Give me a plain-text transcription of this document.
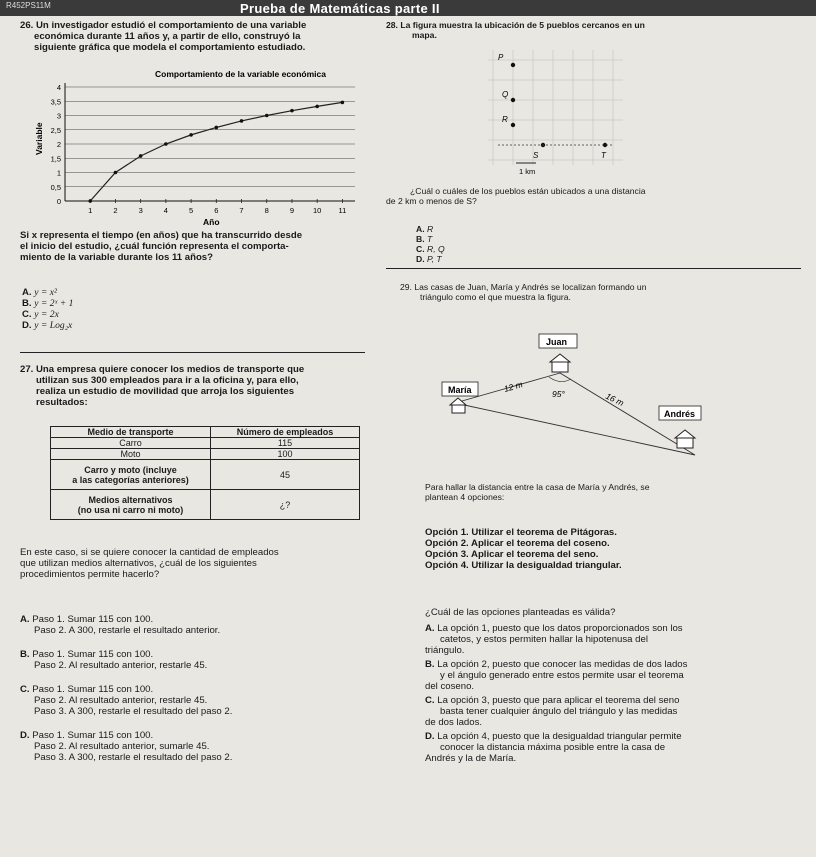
R452PS11M	Prueba de Matemáticas parte II
26. Un investigador estudió el comportamiento de una variable
económica durante 11 años y, a partir de ello, construyó la
siguiente gráfica que modela el comportamiento estudiado.
Comportamiento de la variable económica
0
0,5
1
1,5
2
2,5
3
3,5
4
1	2	3	4	5	6	7	8	9	10 11
Año
Variable
Si x representa el tiempo (en años) que ha transcurrido desde
el inicio del estudio, ¿cuál función representa el comporta-
miento de la variable durante los 11 años?
A. y = x²
B. y = 2ˣ + 1
C. y = 2x
D. y = Log₂x
27. Una empresa quiere conocer los medios de transporte que
utilizan sus 300 empleados para ir a la oficina y, para ello,
realiza un estudio de movilidad que arroja los siguientes
resultados:
Medio de transporte	Número de empleados
Carro	115
Moto	100

Carro y moto (incluye
a las categorías anteriores)	45

Medios alternativos
(no usa ni carro ni moto)	¿?
En este caso, si se quiere conocer la cantidad de empleados
que utilizan medios alternativos, ¿cuál de los siguientes
procedimientos permite hacerlo?
A. Paso 1. Sumar 115 con 100.
Paso 2. A 300, restarle el resultado anterior.
B. Paso 1. Sumar 115 con 100.
Paso 2. Al resultado anterior, restarle 45.
C. Paso 1. Sumar 115 con 100.
Paso 2. Al resultado anterior, restarle 45.
Paso 3. A 300, restarle el resultado del paso 2.
D. Paso 1. Sumar 115 con 100.
Paso 2. Al resultado anterior, sumarle 45.
Paso 3. A 300, restarle el resultado del paso 2.
28. La figura muestra la ubicación de 5 pueblos cercanos en un
mapa.
P
Q
R
S	T
1 km
¿Cuál o cuáles de los pueblos están ubicados a una distancia
de 2 km o menos de S?
A. R
B. T
C. R, Q
D. P, T
29. Las casas de Juan, María y Andrés se localizan formando un
triángulo como el que muestra la figura.
Juan
María
Andrés
12 m
16 m
95°
Para hallar la distancia entre la casa de María y Andrés, se
plantean 4 opciones:
Opción 1. Utilizar el teorema de Pitágoras.
Opción 2. Aplicar el teorema del coseno.
Opción 3. Aplicar el teorema del seno.
Opción 4. Utilizar la desigualdad triangular.
¿Cuál de las opciones planteadas es válida?
A. La opción 1, puesto que los datos proporcionados son los
catetos, y estos permiten hallar la hipotenusa del
triángulo.
B. La opción 2, puesto que conocer las medidas de dos lados
y el ángulo generado entre estos permite usar el teorema
del coseno.
C. La opción 3, puesto que para aplicar el teorema del seno
basta tener cualquier ángulo del triángulo y las medidas
de dos lados.
D. La opción 4, puesto que la desigualdad triangular permite
conocer la distancia máxima posible entre la casa de
Andrés y la de María.
